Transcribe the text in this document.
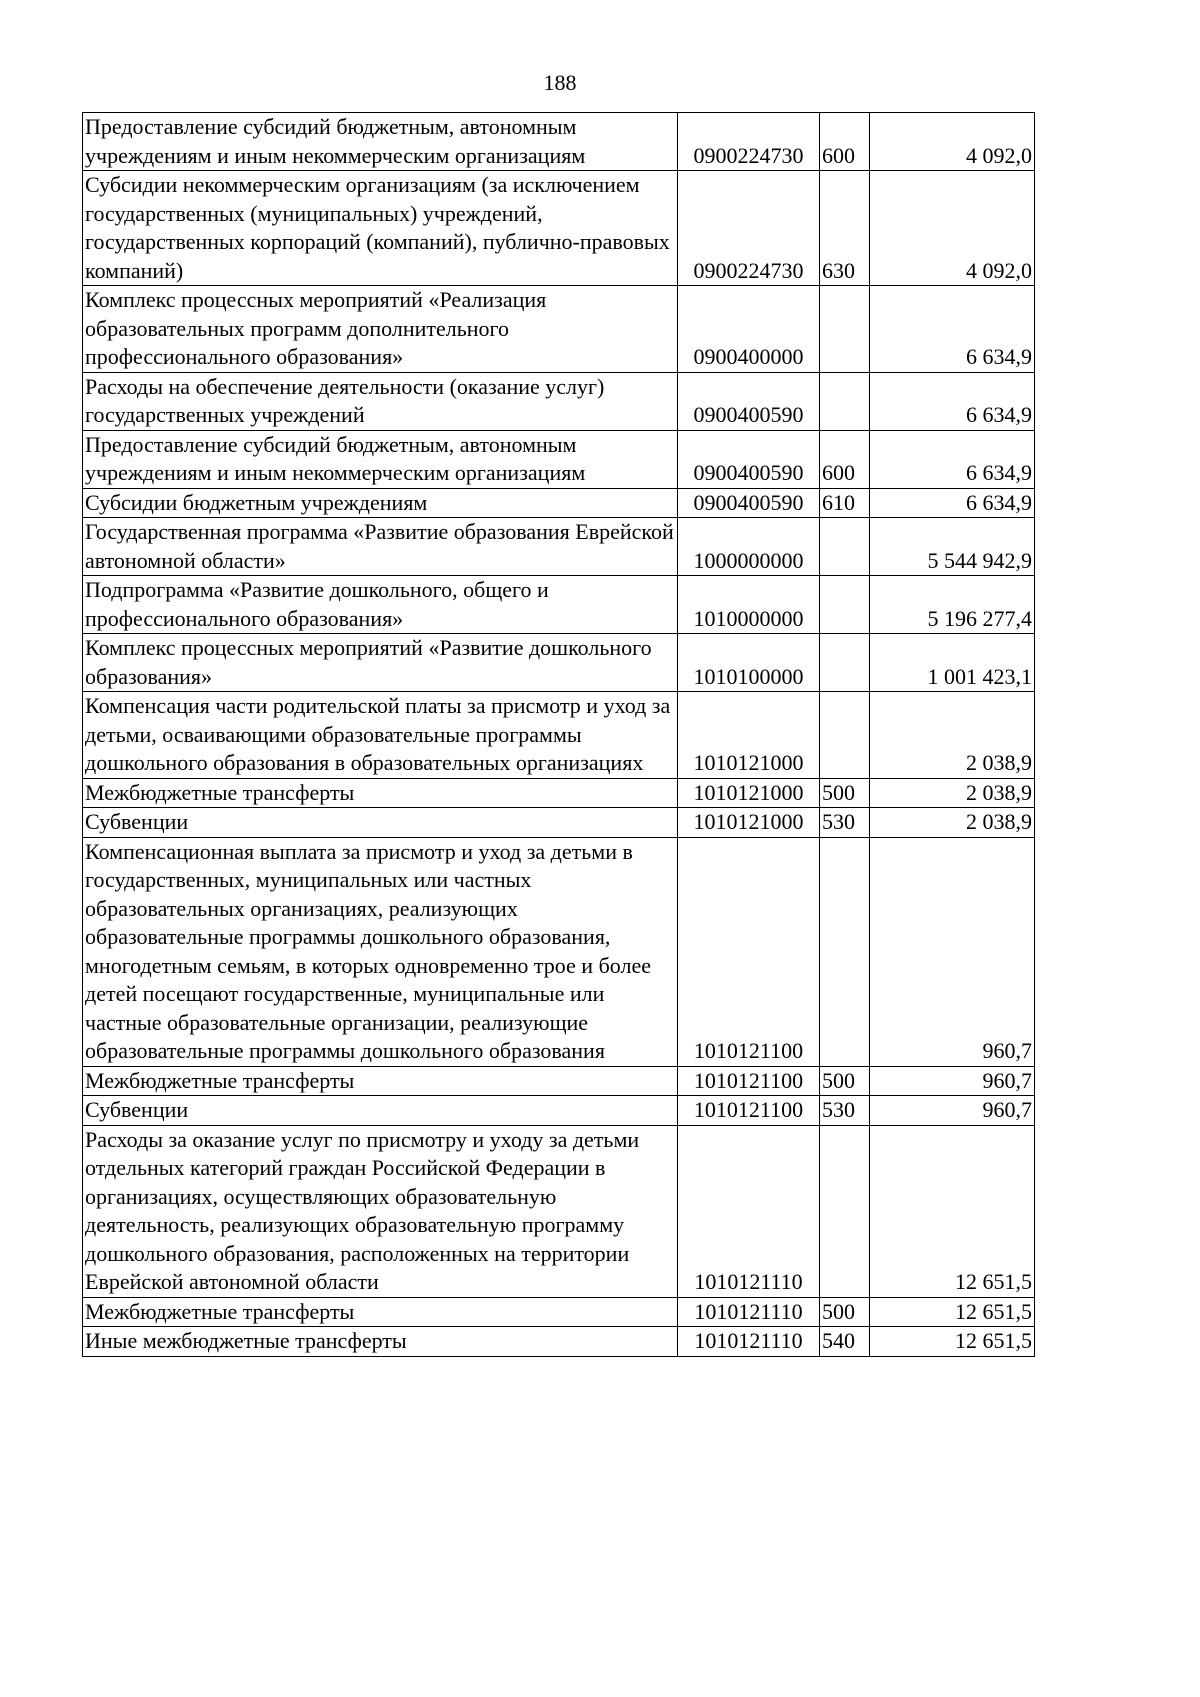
188
Предоставление субсидий бюджетным, автономным учреждениям и иным некоммерческим организациям	0900224730	600	4 092,0
Субсидии некоммерческим организациям (за исключением государственных (муниципальных) учреждений, государственных корпораций (компаний), публично-правовых компаний)	0900224730	630	4 092,0
Комплекс процессных мероприятий «Реализация образовательных программ дополнительного профессионального образования»	0900400000		6 634,9
Расходы на обеспечение деятельности (оказание услуг) государственных учреждений	0900400590		6 634,9
Предоставление субсидий бюджетным, автономным учреждениям и иным некоммерческим организациям	0900400590	600	6 634,9
Субсидии бюджетным учреждениям	0900400590	610	6 634,9
Государственная программа «Развитие образования Еврейской автономной области»	1000000000		5 544 942,9
Подпрограмма «Развитие дошкольного, общего и профессионального образования»	1010000000		5 196 277,4
Комплекс процессных мероприятий «Развитие дошкольного образования»	1010100000		1 001 423,1
Компенсация части родительской платы за присмотр и уход за детьми, осваивающими образовательные программы дошкольного образования в образовательных организациях	1010121000		2 038,9
Межбюджетные трансферты	1010121000	500	2 038,9
Субвенции	1010121000	530	2 038,9
Компенсационная выплата за присмотр и уход за детьми в государственных, муниципальных или частных образовательных организациях, реализующих образовательные программы дошкольного образования, многодетным семьям, в которых одновременно трое и более детей посещают государственные, муниципальные или частные образовательные организации, реализующие образовательные программы дошкольного образования	1010121100		960,7
Межбюджетные трансферты	1010121100	500	960,7
Субвенции	1010121100	530	960,7
Расходы за оказание услуг по присмотру и уходу за детьми отдельных категорий граждан Российской Федерации в организациях, осуществляющих образовательную деятельность, реализующих образовательную программу дошкольного образования, расположенных на территории Еврейской автономной области	1010121110		12 651,5
Межбюджетные трансферты	1010121110	500	12 651,5
Иные межбюджетные трансферты	1010121110	540	12 651,5
